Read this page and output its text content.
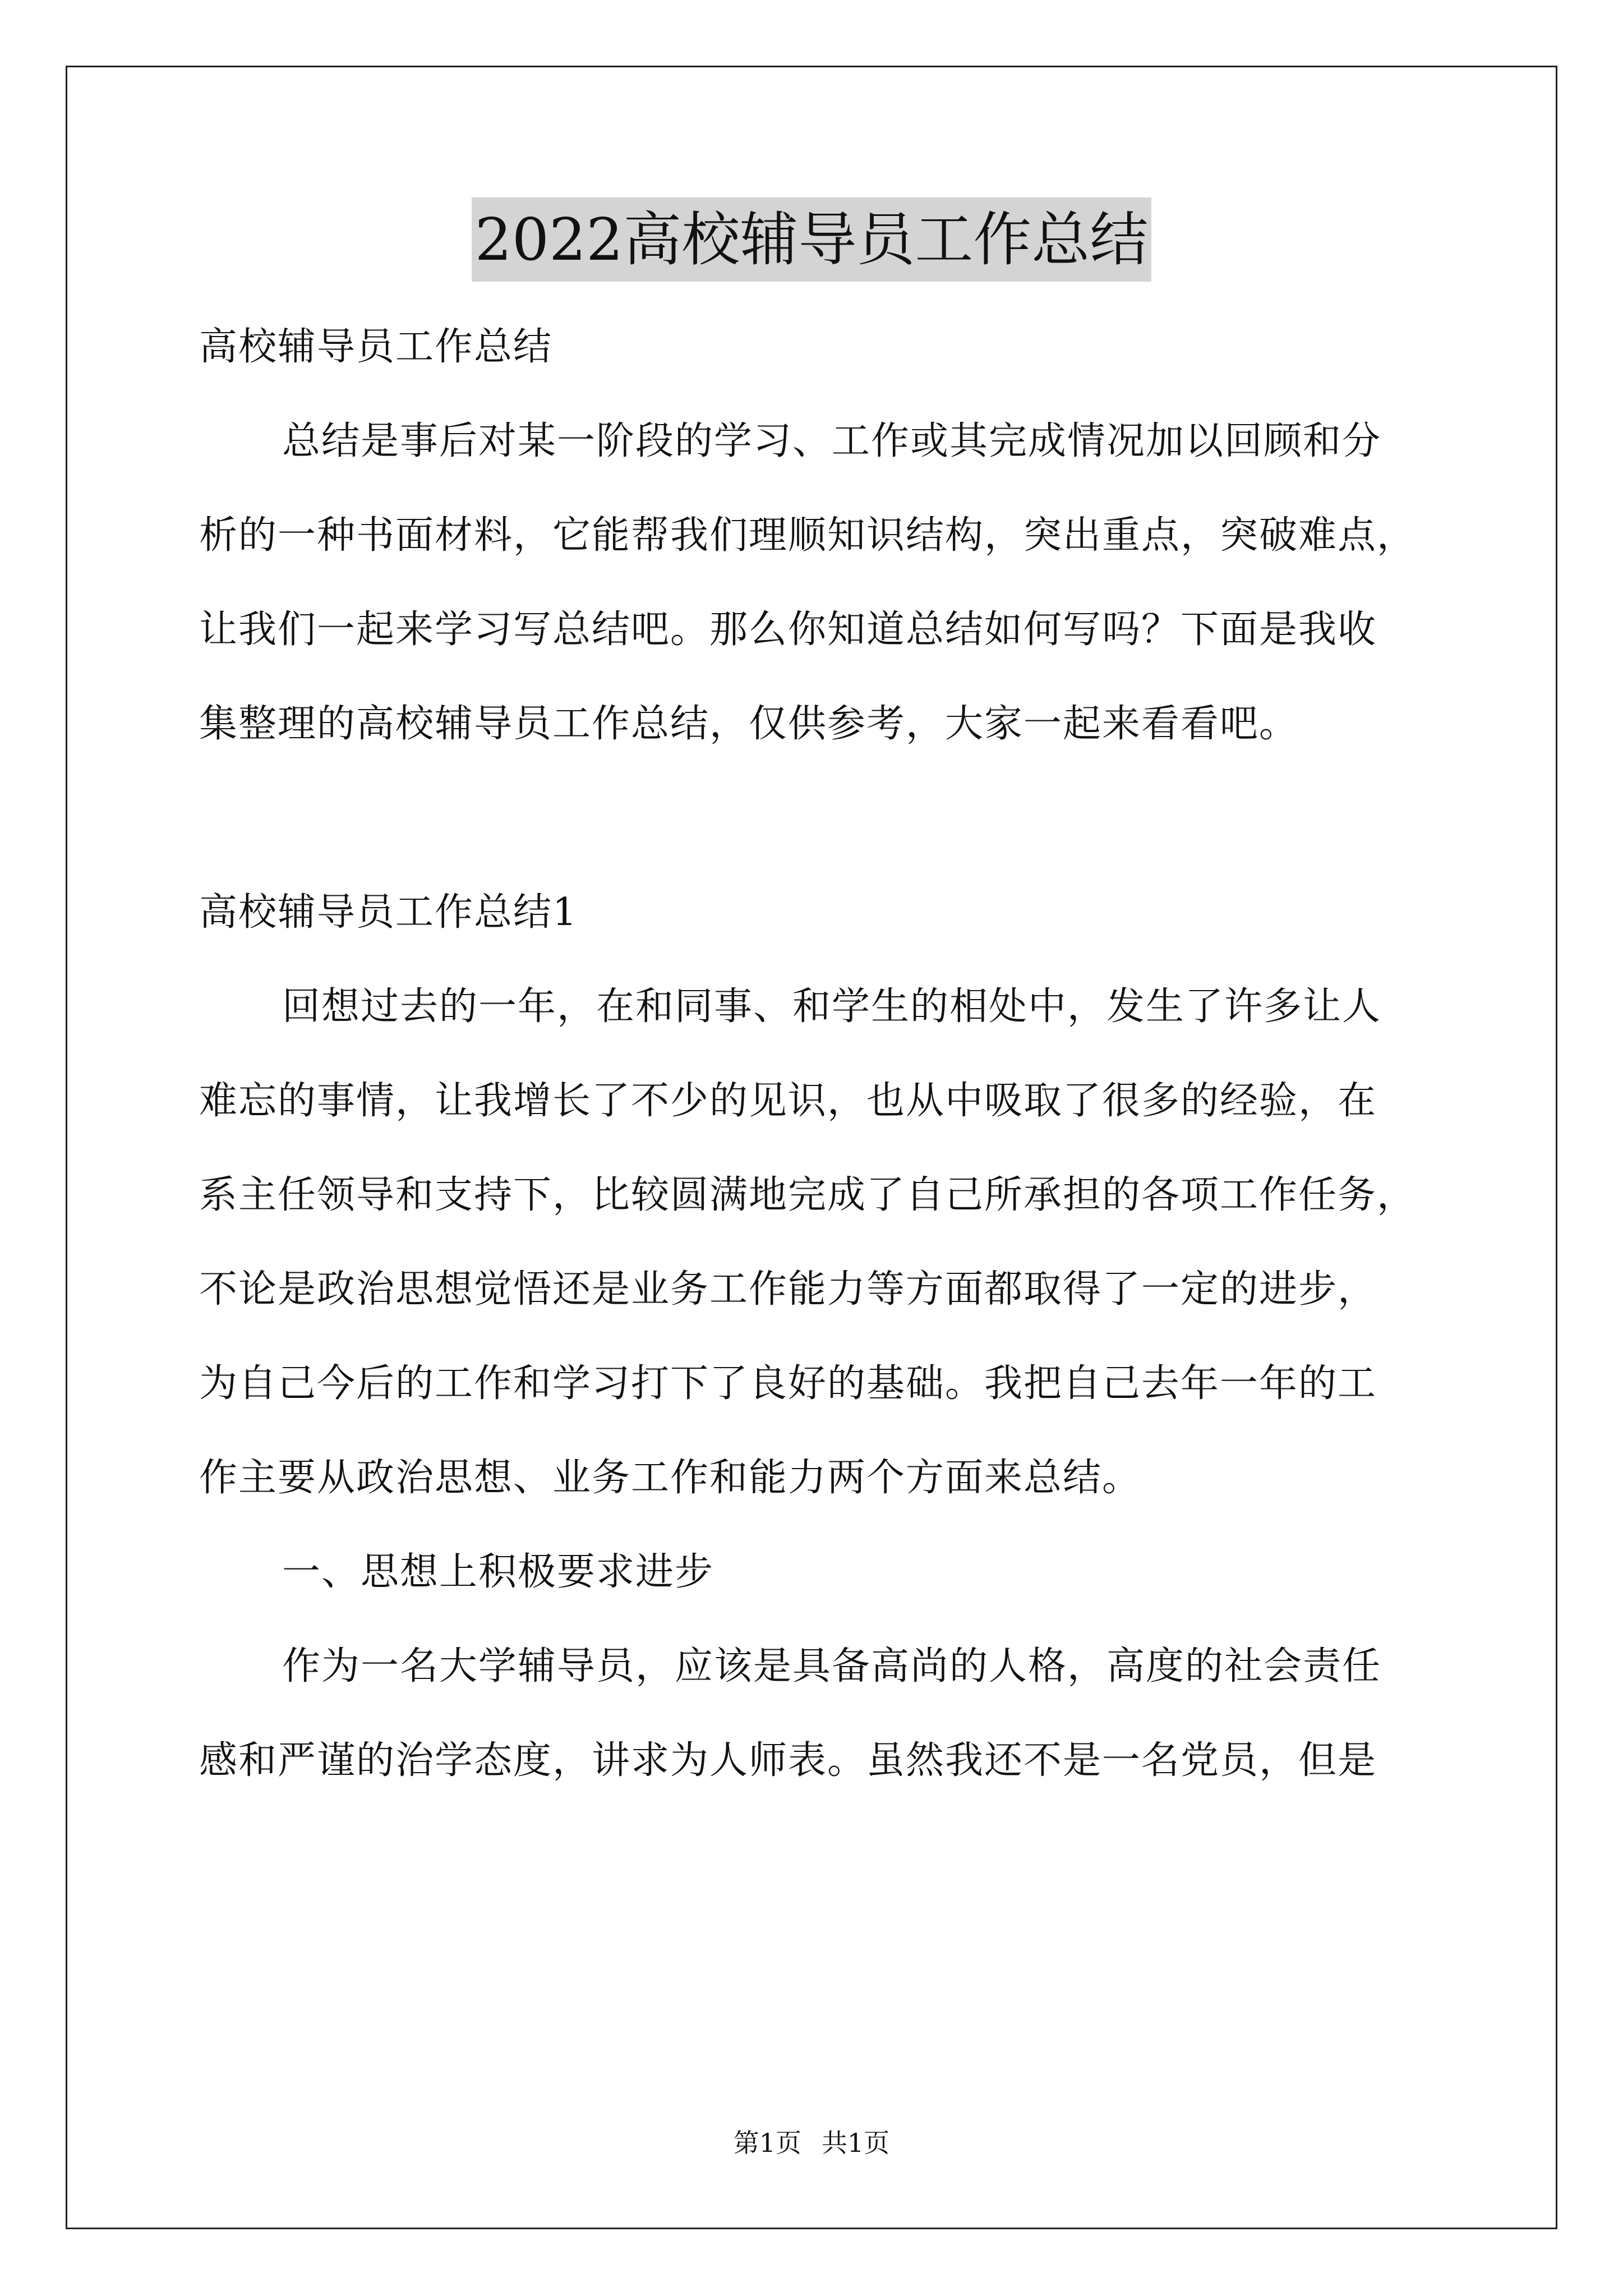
2022高校辅导员工作总结
高校辅导员工作总结
总结是事后对某一阶段的学习、工作或其完成情况加以回顾和分
析的一种书面材料，它能帮我们理顺知识结构，突出重点，突破难点，
让我们一起来学习写总结吧。那么你知道总结如何写吗？下面是我收
集整理的高校辅导员工作总结，仅供参考，大家一起来看看吧。
高校辅导员工作总结1
回想过去的一年，在和同事、和学生的相处中，发生了许多让人
难忘的事情，让我增长了不少的见识，也从中吸取了很多的经验，在
系主任领导和支持下，比较圆满地完成了自己所承担的各项工作任务，
不论是政治思想觉悟还是业务工作能力等方面都取得了一定的进步，
为自己今后的工作和学习打下了良好的基础。我把自己去年一年的工
作主要从政治思想、业务工作和能力两个方面来总结。
一、思想上积极要求进步
作为一名大学辅导员，应该是具备高尚的人格，高度的社会责任
感和严谨的治学态度，讲求为人师表。虽然我还不是一名党员，但是
第1页 共1页
